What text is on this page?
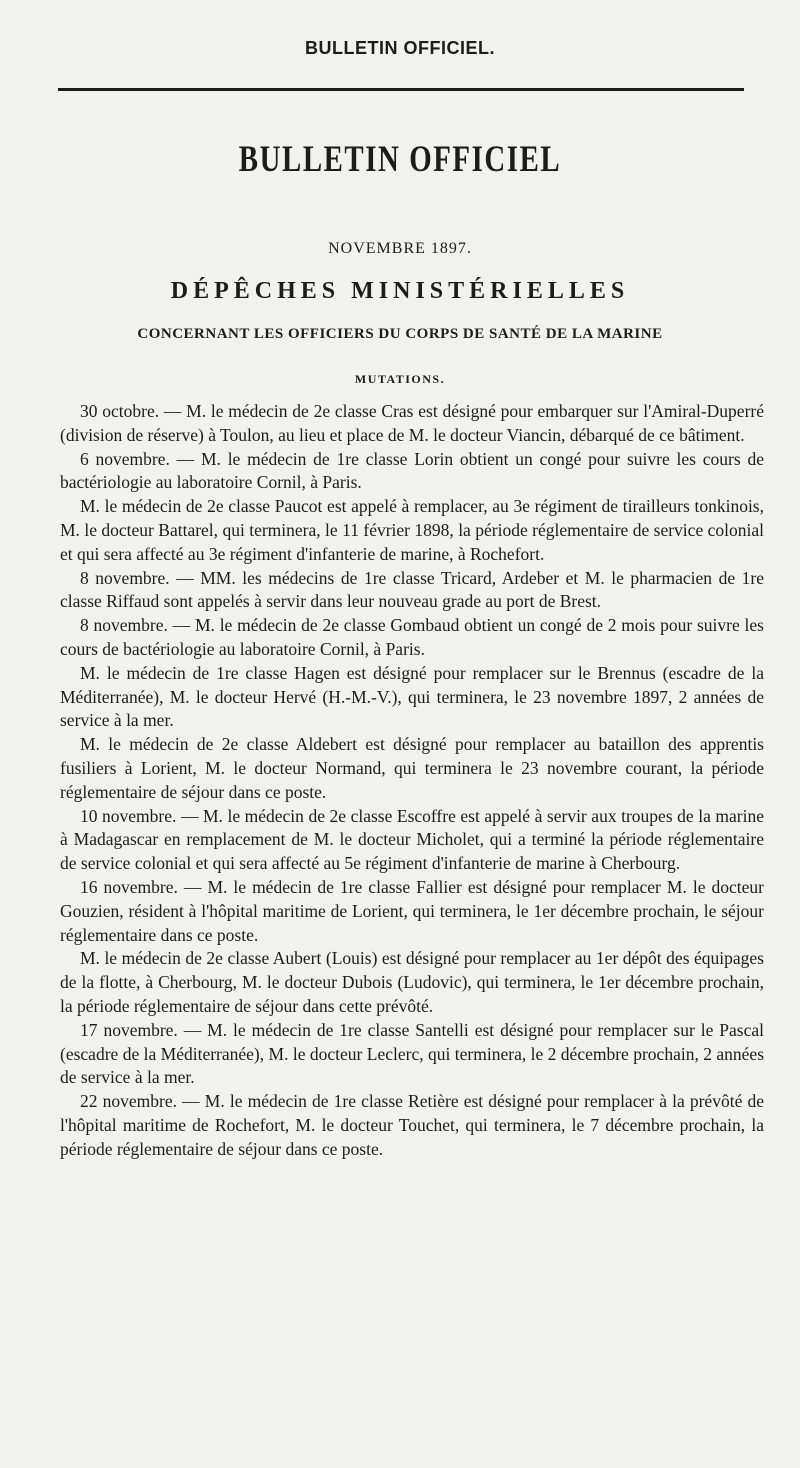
BULLETIN OFFICIEL.
BULLETIN OFFICIEL
NOVEMBRE 1897.
DÉPÊCHES MINISTÉRIELLES
CONCERNANT LES OFFICIERS DU CORPS DE SANTÉ DE LA MARINE
MUTATIONS.

30 octobre. — M. le médecin de 2e classe Cras est désigné pour embarquer sur l'Amiral-Duperré (division de réserve) à Toulon, au lieu et place de M. le docteur Viancin, débarqué de ce bâtiment.

6 novembre. — M. le médecin de 1re classe Lorin obtient un congé pour suivre les cours de bactériologie au laboratoire Cornil, à Paris.

M. le médecin de 2e classe Paucot est appelé à remplacer, au 3e régiment de tirailleurs tonkinois, M. le docteur Battarel, qui terminera, le 11 février 1898, la période réglementaire de service colonial et qui sera affecté au 3e régiment d'infanterie de marine, à Rochefort.

8 novembre. — MM. les médecins de 1re classe Tricard, Ardeber et M. le pharmacien de 1re classe Riffaud sont appelés à servir dans leur nouveau grade au port de Brest.

8 novembre. — M. le médecin de 2e classe Gombaud obtient un congé de 2 mois pour suivre les cours de bactériologie au laboratoire Cornil, à Paris.

M. le médecin de 1re classe Hagen est désigné pour remplacer sur le Brennus (escadre de la Méditerranée), M. le docteur Hervé (H.-M.-V.), qui terminera, le 23 novembre 1897, 2 années de service à la mer.

M. le médecin de 2e classe Aldebert est désigné pour remplacer au bataillon des apprentis fusiliers à Lorient, M. le docteur Normand, qui terminera le 23 novembre courant, la période réglementaire de séjour dans ce poste.

10 novembre. — M. le médecin de 2e classe Escoffre est appelé à servir aux troupes de la marine à Madagascar en remplacement de M. le docteur Micholet, qui a terminé la période réglementaire de service colonial et qui sera affecté au 5e régiment d'infanterie de marine à Cherbourg.

16 novembre. — M. le médecin de 1re classe Fallier est désigné pour remplacer M. le docteur Gouzien, résident à l'hôpital maritime de Lorient, qui terminera, le 1er décembre prochain, le séjour réglementaire dans ce poste.

M. le médecin de 2e classe Aubert (Louis) est désigné pour remplacer au 1er dépôt des équipages de la flotte, à Cherbourg, M. le docteur Dubois (Ludovic), qui terminera, le 1er décembre prochain, la période réglementaire de séjour dans cette prévôté.

17 novembre. — M. le médecin de 1re classe Santelli est désigné pour remplacer sur le Pascal (escadre de la Méditerranée), M. le docteur Leclerc, qui terminera, le 2 décembre prochain, 2 années de service à la mer.

22 novembre. — M. le médecin de 1re classe Retière est désigné pour remplacer à la prévôté de l'hôpital maritime de Rochefort, M. le docteur Touchet, qui terminera, le 7 décembre prochain, la période réglementaire de séjour dans ce poste.
